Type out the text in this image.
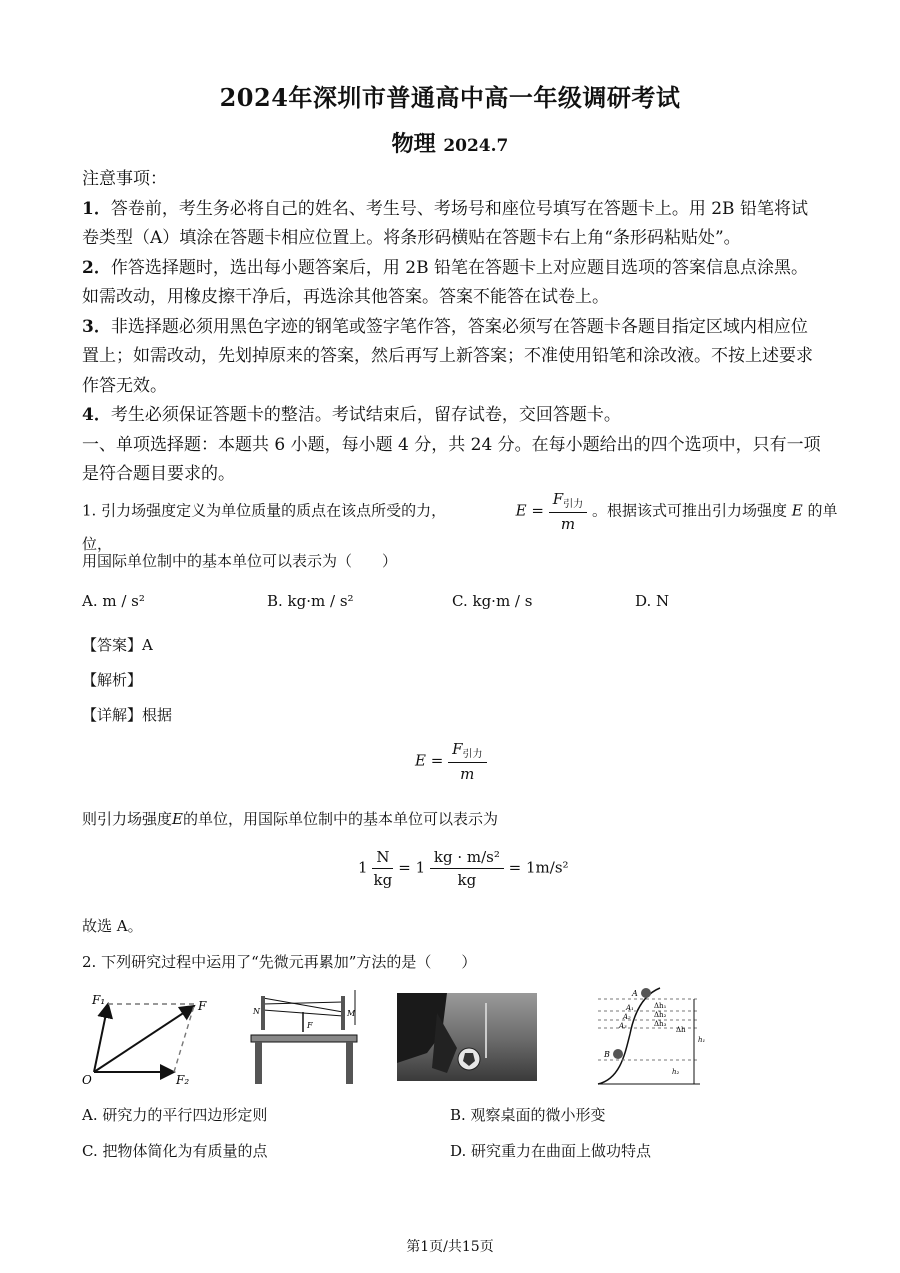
2024年深圳市普通高中高一年级调研考试
物理 2024.7

注意事项：

1．答卷前，考生务必将自己的姓名、考生号、考场号和座位号填写在答题卡上。用 2B 铅笔将试卷类型（A）填涂在答题卡相应位置上。将条形码横贴在答题卡右上角“条形码粘贴处”。

2．作答选择题时，选出每小题答案后，用 2B 铅笔在答题卡上对应题目选项的答案信息点涂黑。如需改动，用橡皮擦干净后，再选涂其他答案。答案不能答在试卷上。

3．非选择题必须用黑色字迹的钢笔或签字笔作答，答案必须写在答题卡各题目指定区域内相应位置上；如需改动，先划掉原来的答案，然后再写上新答案；不准使用铅笔和涂改液。不按上述要求作答无效。

4．考生必须保证答题卡的整洁。考试结束后，留存试卷，交回答题卡。

一、单项选择题：本题共 6 小题，每小题 4 分，共 24 分。在每小题给出的四个选项中，只有一项是符合题目要求的。

1. 引力场强度定义为单位质量的质点在该点所受的力，	$E = \frac{F_{引力}}{m}$ 。根据该式可推出引力场强度 E 的单位，
用国际单位制中的基本单位可以表示为（　　）
A. m / s²	B. kg·m / s²	C. kg·m / s	D. N
【答案】A
【解析】
【详解】根据
$E = \frac{F_{引力}}{m}$
则引力场强度E的单位，用国际单位制中的基本单位可以表示为
$1 \frac{N}{kg} = 1 \frac{\text{kg · m/s²}}{kg} = 1m/s^2$
故选 A。
2. 下列研究过程中运用了“先微元再累加”方法的是（　　）
F₁	F
O	F₂
N	M
F
A
A₁
A₂
A₃
B
Δh₁
Δh₂
Δh₃
Δh
h₁
h₂
A. 研究力的平行四边形定则	B. 观察桌面的微小形变
C. 把物体简化为有质量的点	D. 研究重力在曲面上做功特点
第1页/共15页
